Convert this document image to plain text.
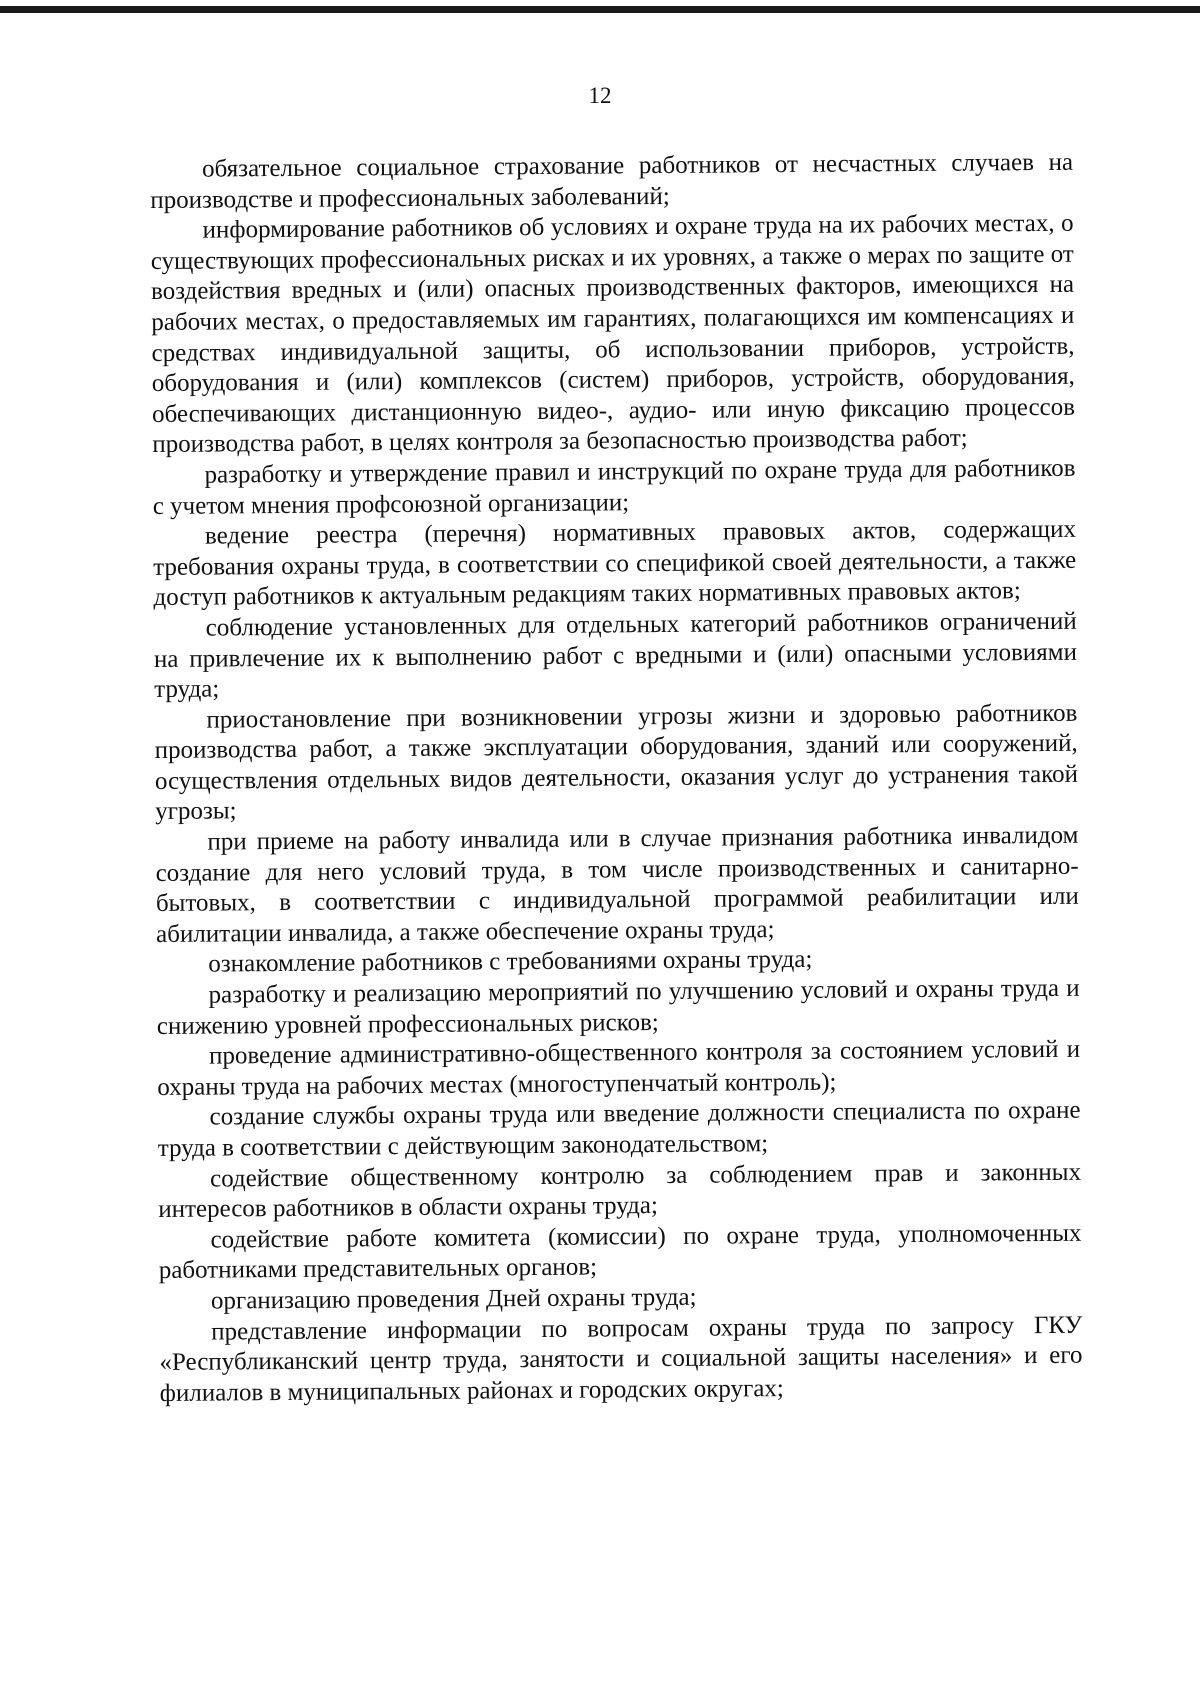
12

обязательное социальное страхование работников от несчастных случаев на производстве и профессиональных заболеваний;

информирование работников об условиях и охране труда на их рабочих местах, о существующих профессиональных рисках и их уровнях, а также о мерах по защите от воздействия вредных и (или) опасных производственных факторов, имеющихся на рабочих местах, о предоставляемых им гарантиях, полагающихся им компенсациях и средствах индивидуальной защиты, об использовании приборов, устройств, оборудования и (или) комплексов (систем) приборов, устройств, оборудования, обеспечивающих дистанционную видео-, аудио- или иную фиксацию процессов производства работ, в целях контроля за безопасностью производства работ;

разработку и утверждение правил и инструкций по охране труда для работников с учетом мнения профсоюзной организации;

ведение реестра (перечня) нормативных правовых актов, содержащих требования охраны труда, в соответствии со спецификой своей деятельности, а также доступ работников к актуальным редакциям таких нормативных правовых актов;

соблюдение установленных для отдельных категорий работников ограничений на привлечение их к выполнению работ с вредными и (или) опасными условиями труда;

приостановление при возникновении угрозы жизни и здоровью работников производства работ, а также эксплуатации оборудования, зданий или сооружений, осуществления отдельных видов деятельности, оказания услуг до устранения такой угрозы;

при приеме на работу инвалида или в случае признания работника инвалидом создание для него условий труда, в том числе производственных и санитарно-бытовых, в соответствии с индивидуальной программой реабилитации или абилитации инвалида, а также обеспечение охраны труда;

ознакомление работников с требованиями охраны труда;

разработку и реализацию мероприятий по улучшению условий и охраны труда и снижению уровней профессиональных рисков;

проведение административно-общественного контроля за состоянием условий и охраны труда на рабочих местах (многоступенчатый контроль);

создание службы охраны труда или введение должности специалиста по охране труда в соответствии с действующим законодательством;

содействие общественному контролю за соблюдением прав и законных интересов работников в области охраны труда;

содействие работе комитета (комиссии) по охране труда, уполномоченных работниками представительных органов;

организацию проведения Дней охраны труда;

представление информации по вопросам охраны труда по запросу ГКУ «Республиканский центр труда, занятости и социальной защиты населения» и его филиалов в муниципальных районах и городских округах;
